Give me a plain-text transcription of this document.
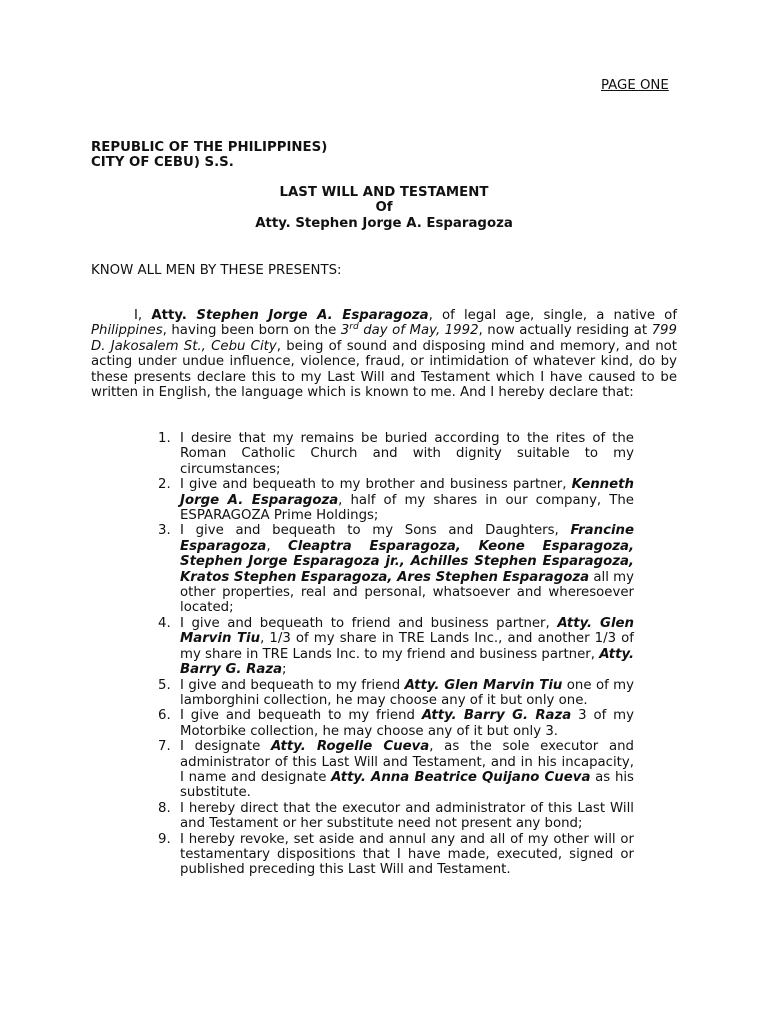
PAGE ONE
REPUBLIC OF THE PHILIPPINES)
CITY OF CEBU) S.S.
LAST WILL AND TESTAMENT
Of
Atty. Stephen Jorge A. Esparagoza
KNOW ALL MEN BY THESE PRESENTS:

I, Atty. Stephen Jorge A. Esparagoza, of legal age, single, a native of Philippines, having been born on the 3rd day of May, 1992, now actually residing at 799 D. Jakosalem St., Cebu City, being of sound and disposing mind and memory, and not acting under undue influence, violence, fraud, or intimidation of whatever kind, do by these presents declare this to my Last Will and Testament which I have caused to be written in English, the language which is known to me. And I hereby declare that:

1. I desire that my remains be buried according to the rites of the Roman Catholic Church and with dignity suitable to my circumstances;
2. I give and bequeath to my brother and business partner, Kenneth Jorge A. Esparagoza, half of my shares in our company, The ESPARAGOZA Prime Holdings;
3. I give and bequeath to my Sons and Daughters, Francine Esparagoza, Cleaptra Esparagoza, Keone Esparagoza, Stephen Jorge Esparagoza jr., Achilles Stephen Esparagoza, Kratos Stephen Esparagoza, Ares Stephen Esparagoza all my other properties, real and personal, whatsoever and wheresoever located;
4. I give and bequeath to friend and business partner, Atty. Glen Marvin Tiu, 1/3 of my share in TRE Lands Inc., and another 1/3 of my share in TRE Lands Inc. to my friend and business partner, Atty. Barry G. Raza;
5. I give and bequeath to my friend Atty. Glen Marvin Tiu one of my lamborghini collection, he may choose any of it but only one.
6. I give and bequeath to my friend Atty. Barry G. Raza 3 of my Motorbike collection, he may choose any of it but only 3.
7. I designate Atty. Rogelle Cueva, as the sole executor and administrator of this Last Will and Testament, and in his incapacity, I name and designate Atty. Anna Beatrice Quijano Cueva as his substitute.
8. I hereby direct that the executor and administrator of this Last Will and Testament or her substitute need not present any bond;
9. I hereby revoke, set aside and annul any and all of my other will or testamentary dispositions that I have made, executed, signed or published preceding this Last Will and Testament.
